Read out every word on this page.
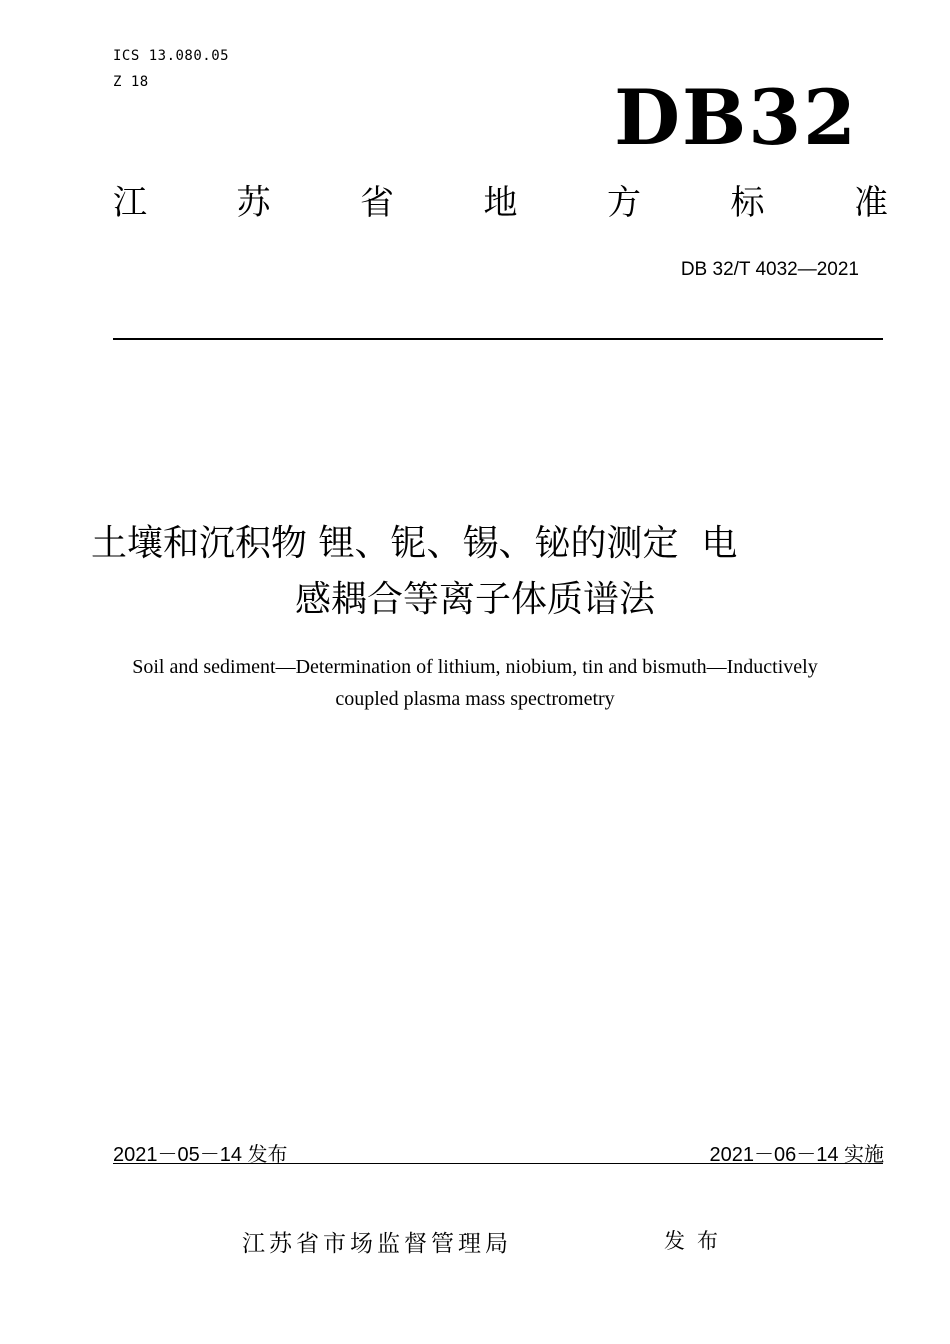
ICS 13.080.05
Z 18	DB32
江	苏	省	地	方	标	准
DB 32/T 4032—2021
土壤和沉积物 锂、铌、锡、铋的测定  电
感耦合等离子体质谱法
Soil and sediment—Determination of lithium, niobium, tin and bismuth—Inductively
coupled plasma mass spectrometry
2021－05－14 发布	2021－06－14 实施
江苏省市场监督管理局	发布
